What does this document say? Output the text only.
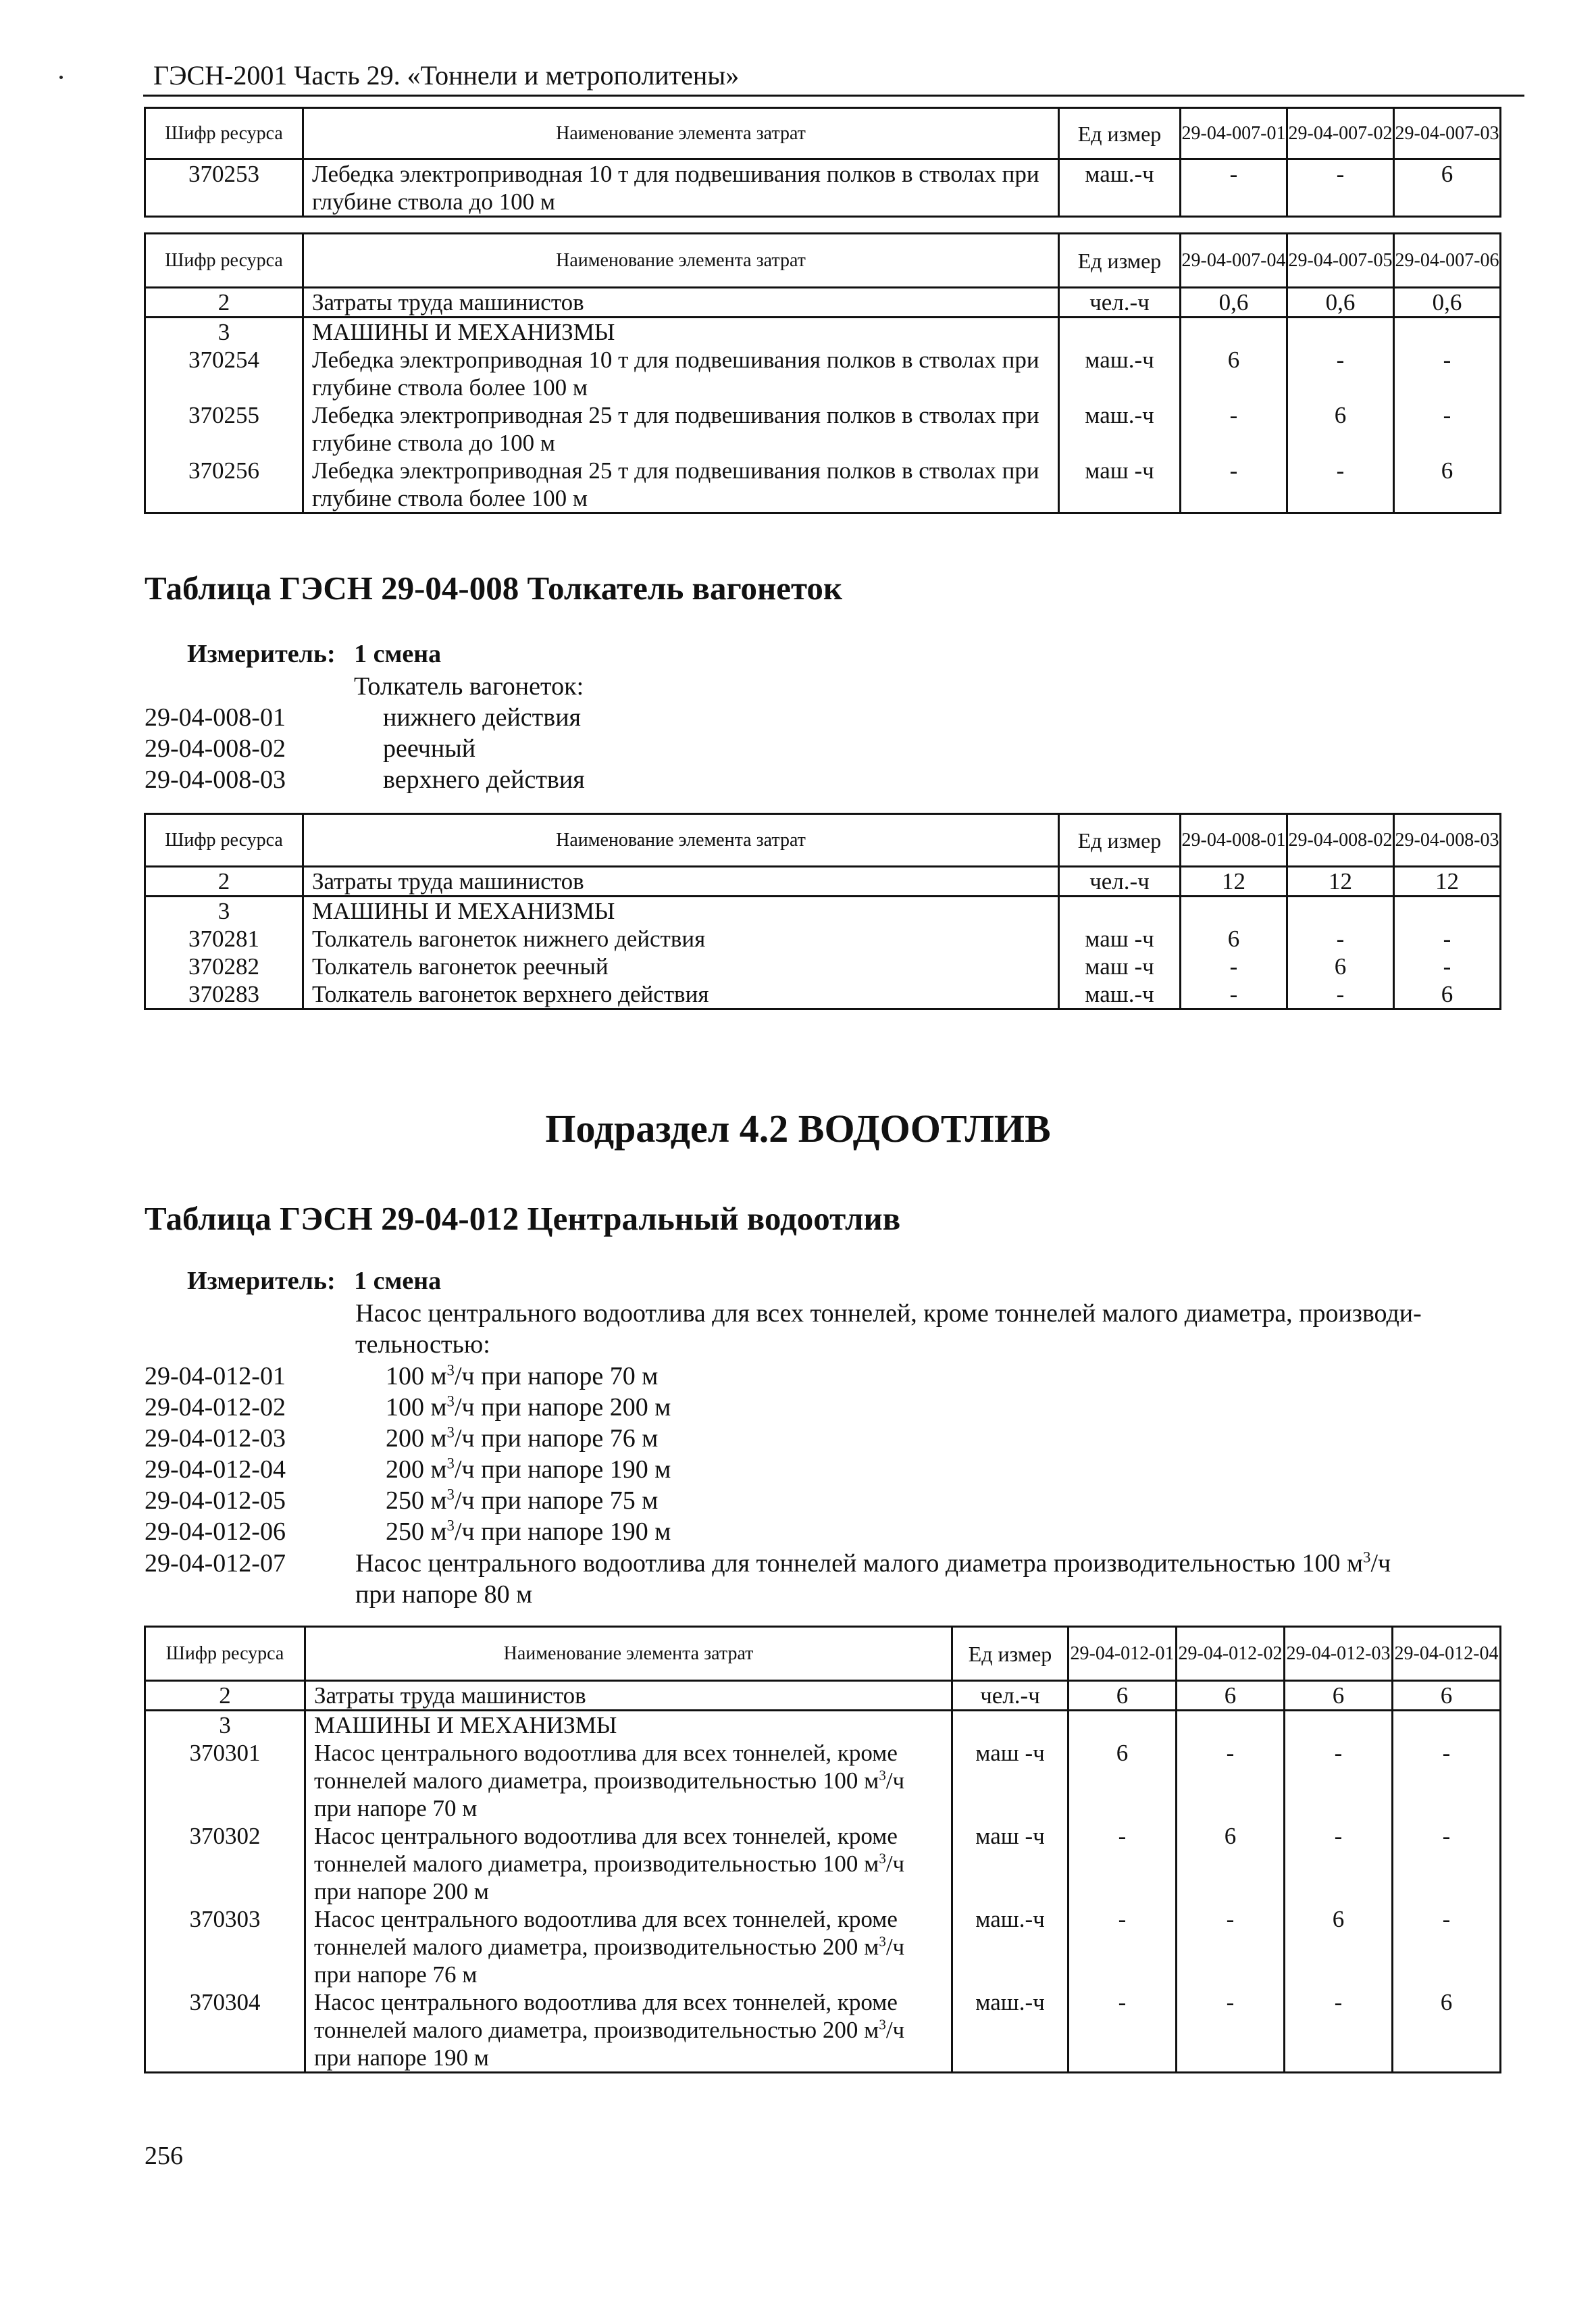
ГЭСН-2001 Часть 29. «Тоннели и метрополитены»
Шифр ресурса	Наименование элемента затрат	Ед измер	29-04-007-01	29-04-007-02	29-04-007-03
370253	Лебедка электроприводная 10 т для подвешивания полков в стволах при глубине ствола до 100 м	маш.-ч	-	-	6
Шифр ресурса	Наименование элемента затрат	Ед измер	29-04-007-04	29-04-007-05	29-04-007-06
2	Затраты труда машинистов	чел.-ч	0,6	0,6	0,6
3	МАШИНЫ И МЕХАНИЗМЫ				
370254	Лебедка электроприводная 10 т для подвешивания полков в стволах при глубине ствола более 100 м	маш.-ч	6	-	-
370255	Лебедка электроприводная 25 т для подвешивания полков в стволах при глубине ствола до 100 м	маш.-ч	-	6	-
370256	Лебедка электроприводная 25 т для подвешивания полков в стволах при глубине ствола более 100 м	маш -ч	-	-	6
Таблица ГЭСН 29-04-008 Толкатель вагонеток
Измеритель: 1 смена
Толкатель вагонеток:
29-04-008-01	нижнего действия
29-04-008-02	реечный
29-04-008-03	верхнего действия
Шифр ресурса	Наименование элемента затрат	Ед измер	29-04-008-01	29-04-008-02	29-04-008-03
2	Затраты труда машинистов	чел.-ч	12	12	12
3	МАШИНЫ И МЕХАНИЗМЫ				
370281	Толкатель вагонеток нижнего действия	маш -ч	6	-	-
370282	Толкатель вагонеток реечный	маш -ч	-	6	-
370283	Толкатель вагонеток верхнего действия	маш.-ч	-	-	6
Подраздел 4.2 ВОДООТЛИВ
Таблица ГЭСН 29-04-012 Центральный водоотлив
Измеритель: 1 смена
Насос центрального водоотлива для всех тоннелей, кроме тоннелей малого диаметра, производи-
тельностью:
29-04-012-01	100 $м^3/ч$ при напоре 70 м
29-04-012-02	100 $м^3/ч$ при напоре 200 м
29-04-012-03	200 $м^3/ч$ при напоре 76 м
29-04-012-04	200 $м^3/ч$ при напоре 190 м
29-04-012-05	250 $м^3/ч$ при напоре 75 м
29-04-012-06	250 $м^3/ч$ при напоре 190 м
29-04-012-07	Насос центрального водоотлива для тоннелей малого диаметра производительностью 100 $м^3/ч$
при напоре 80 м
Шифр ресурса	Наименование элемента затрат	Ед измер	29-04-012-01	29-04-012-02	29-04-012-03	29-04-012-04
2	Затраты труда машинистов	чел.-ч	6	6	6	6
3	МАШИНЫ И МЕХАНИЗМЫ					
370301	Насос центрального водоотлива для всех тоннелей, кроме
тоннелей малого диаметра, производительностью 100 $м^3/ч$
при напоре 70 м	маш -ч	6	-	-	-
370302	Насос центрального водоотлива для всех тоннелей, кроме
тоннелей малого диаметра, производительностью 100 $м^3/ч$
при напоре 200 м	маш -ч	-	6	-	-
370303	Насос центрального водоотлива для всех тоннелей, кроме
тоннелей малого диаметра, производительностью 200 $м^3/ч$
при напоре 76 м	маш.-ч	-	-	6	-
370304	Насос центрального водоотлива для всех тоннелей, кроме
тоннелей малого диаметра, производительностью 200 $м^3/ч$
при напоре 190 м	маш.-ч	-	-	-	6
256
